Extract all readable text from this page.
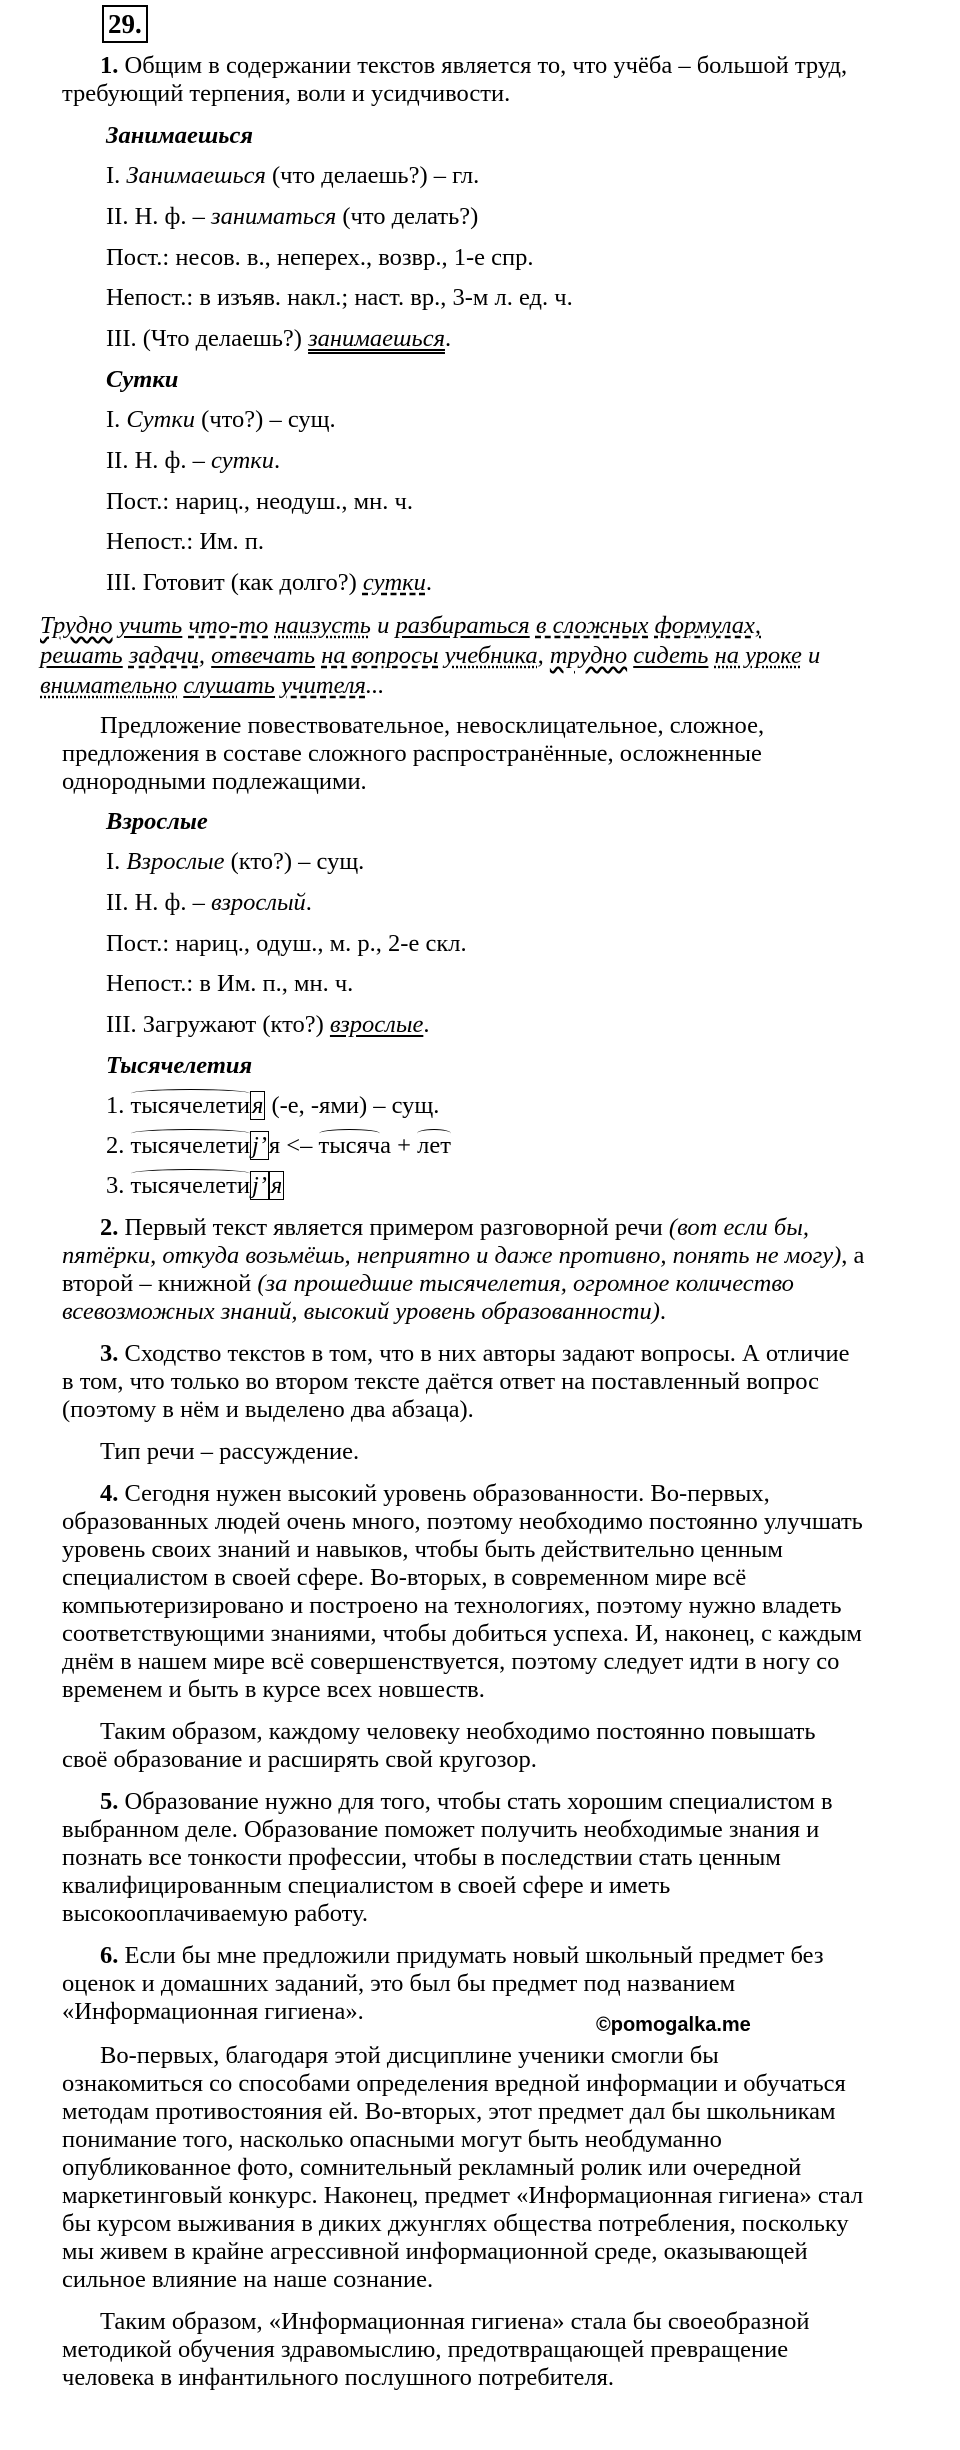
29.
1. Общим в содержании текстов является то, что учёба – большой труд,
требующий терпения, воли и усидчивости.
Занимаешься
I. Занимаешься (что делаешь?) – гл.
II. Н. ф. – заниматься (что делать?)
Пост.: несов. в., неперех., возвр., 1-е спр.
Непост.: в изъяв. накл.; наст. вр., 3-м л. ед. ч.
III. (Что делаешь?) занимаешься.
Сутки
I. Сутки (что?) – сущ.
II. Н. ф. – сутки.
Пост.: нариц., неодуш., мн. ч.
Непост.: Им. п.
III. Готовит (как долго?) сутки.
Трудно учить что-то наизусть и разбираться в сложных формулах,
решать задачи, отвечать на вопросы учебника, трудно сидеть на уроке и
внимательно слушать учителя...
Предложение повествовательное, невосклицательное, сложное,
предложения в составе сложного распространённые, осложненные
однородными подлежащими.
Взрослые
I. Взрослые (кто?) – сущ.
II. Н. ф. – взрослый.
Пост.: нариц., одуш., м. р., 2-е скл.
Непост.: в Им. п., мн. ч.
III. Загружают (кто?) взрослые.
Тысячелетия
1. тысячелетия (-е, -ями) – сущ.
2. тысячелетиj’я <– тысяча + лет
3. тысячелетиj’ я
2. Первый текст является примером разговорной речи (вот если бы,
пятёрки, откуда возьмёшь, неприятно и даже противно, понять не могу), а
второй – книжной (за прошедшие тысячелетия, огромное количество
всевозможных знаний, высокий уровень образованности).
3. Сходство текстов в том, что в них авторы задают вопросы. А отличие
в том, что только во втором тексте даётся ответ на поставленный вопрос
(поэтому в нём и выделено два абзаца).
Тип речи – рассуждение.
4. Сегодня нужен высокий уровень образованности. Во-первых,
образованных людей очень много, поэтому необходимо постоянно улучшать
уровень своих знаний и навыков, чтобы быть действительно ценным
специалистом в своей сфере. Во-вторых, в современном мире всё
компьютеризировано и построено на технологиях, поэтому нужно владеть
соответствующими знаниями, чтобы добиться успеха. И, наконец, с каждым
днём в нашем мире всё совершенствуется, поэтому следует идти в ногу со
временем и быть в курсе всех новшеств.
Таким образом, каждому человеку необходимо постоянно повышать
своё образование и расширять свой кругозор.
5. Образование нужно для того, чтобы стать хорошим специалистом в
выбранном деле. Образование поможет получить необходимые знания и
познать все тонкости профессии, чтобы в последствии стать ценным
квалифицированным специалистом в своей сфере и иметь
высокооплачиваемую работу.
6. Если бы мне предложили придумать новый школьный предмет без
оценок и домашних заданий, это был бы предмет под названием
«Информационная гигиена».	©pomogalka.me
Во-первых, благодаря этой дисциплине ученики смогли бы
ознакомиться со способами определения вредной информации и обучаться
методам противостояния ей. Во-вторых, этот предмет дал бы школьникам
понимание того, насколько опасными могут быть необдуманно
опубликованное фото, сомнительный рекламный ролик или очередной
маркетинговый конкурс. Наконец, предмет «Информационная гигиена» стал
бы курсом выживания в диких джунглях общества потребления, поскольку
мы живем в крайне агрессивной информационной среде, оказывающей
сильное влияние на наше сознание.
Таким образом, «Информационная гигиена» стала бы своеобразной
методикой обучения здравомыслию, предотвращающей превращение
человека в инфантильного послушного потребителя.
